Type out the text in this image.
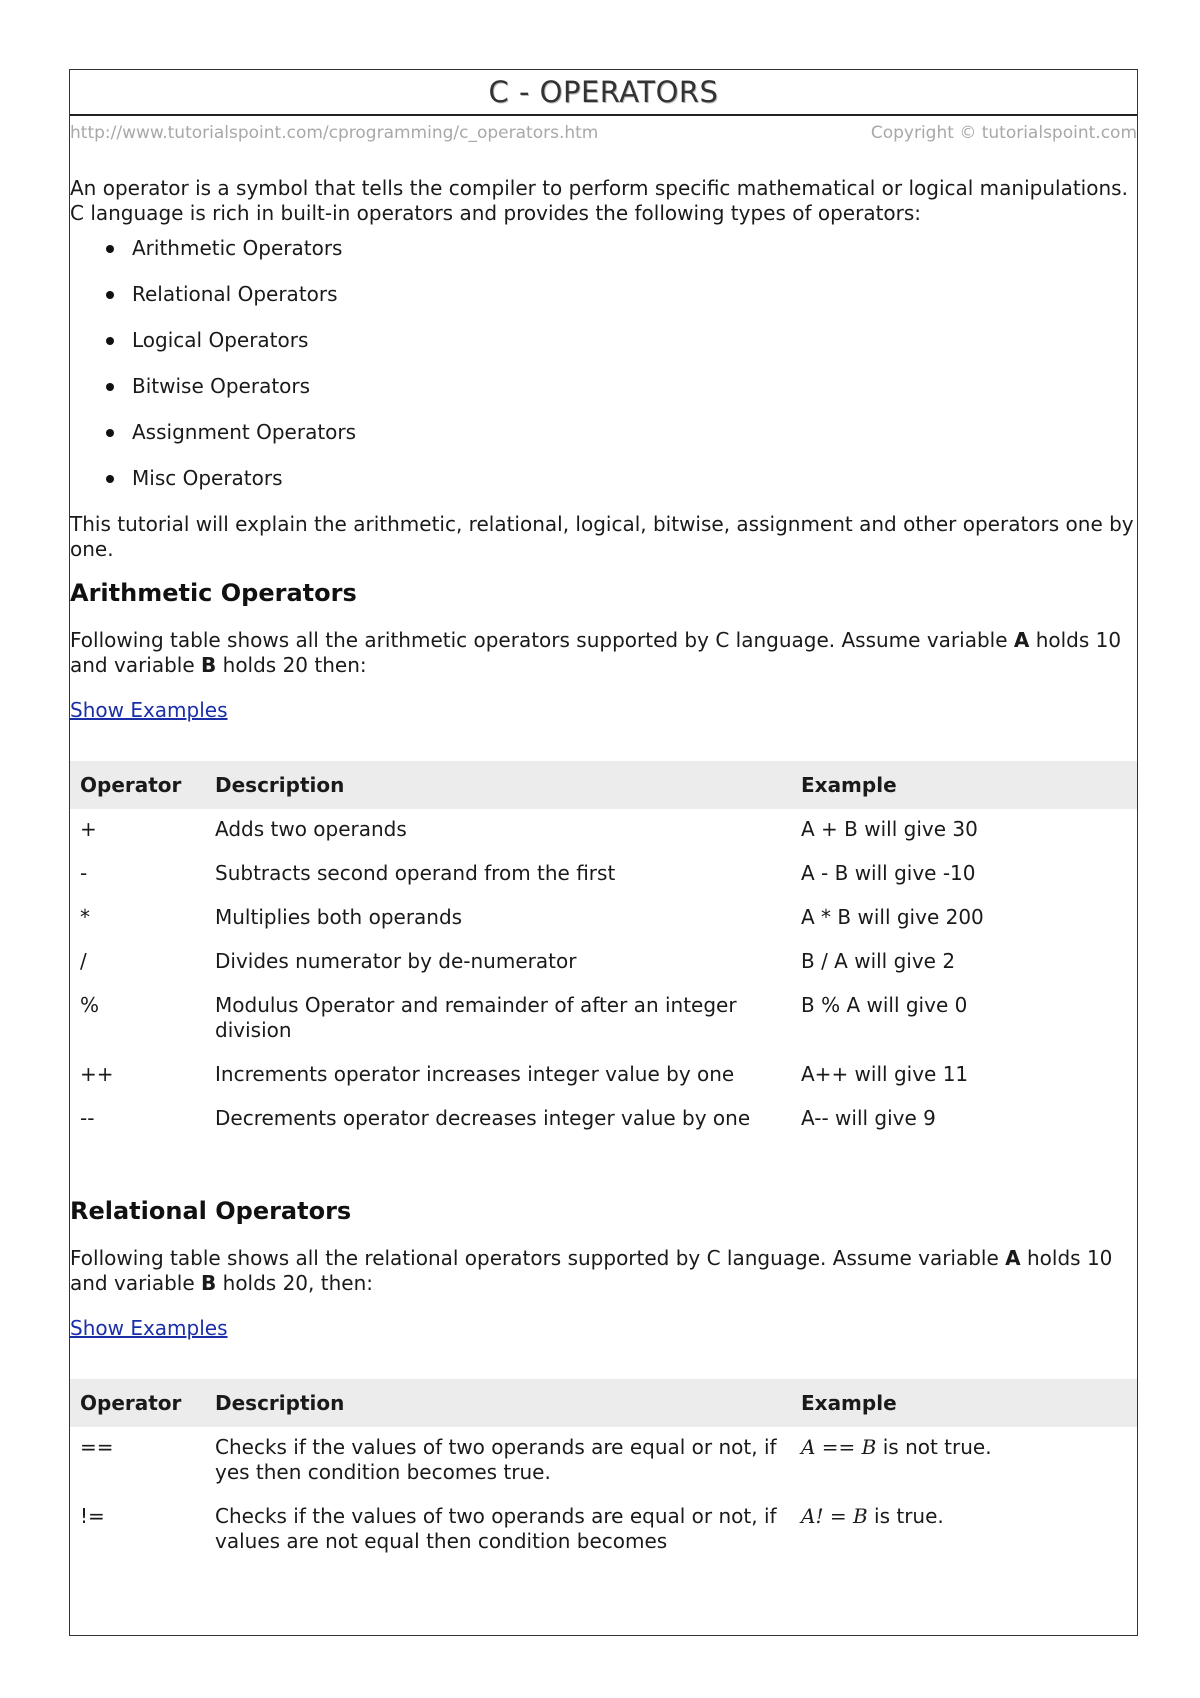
C - OPERATORS
http://www.tutorialspoint.com/cprogramming/c_operators.htm	Copyright © tutorialspoint.com

An operator is a symbol that tells the compiler to perform specific mathematical or logical manipulations. C language is rich in built-in operators and provides the following types of operators:

Arithmetic Operators
Relational Operators
Logical Operators
Bitwise Operators
Assignment Operators
Misc Operators

This tutorial will explain the arithmetic, relational, logical, bitwise, assignment and other operators one by one.

Arithmetic Operators

Following table shows all the arithmetic operators supported by C language. Assume variable A holds 10 and variable B holds 20 then:

Show Examples
Operator	Description	Example
+	Adds two operands	A + B will give 30
-	Subtracts second operand from the first	A - B will give -10
*	Multiplies both operands	A * B will give 200
/	Divides numerator by de-numerator	B / A will give 2
%	Modulus Operator and remainder of after an integer division	B % A will give 0
++	Increments operator increases integer value by one	A++ will give 11
--	Decrements operator decreases integer value by one	A-- will give 9
Relational Operators

Following table shows all the relational operators supported by C language. Assume variable A holds 10 and variable B holds 20, then:

Show Examples
Operator	Description	Example
==	Checks if the values of two operands are equal or not, if yes then condition becomes true.	A == B is not true.
!=	Checks if the values of two operands are equal or not, if values are not equal then condition becomes	A! = B is true.
